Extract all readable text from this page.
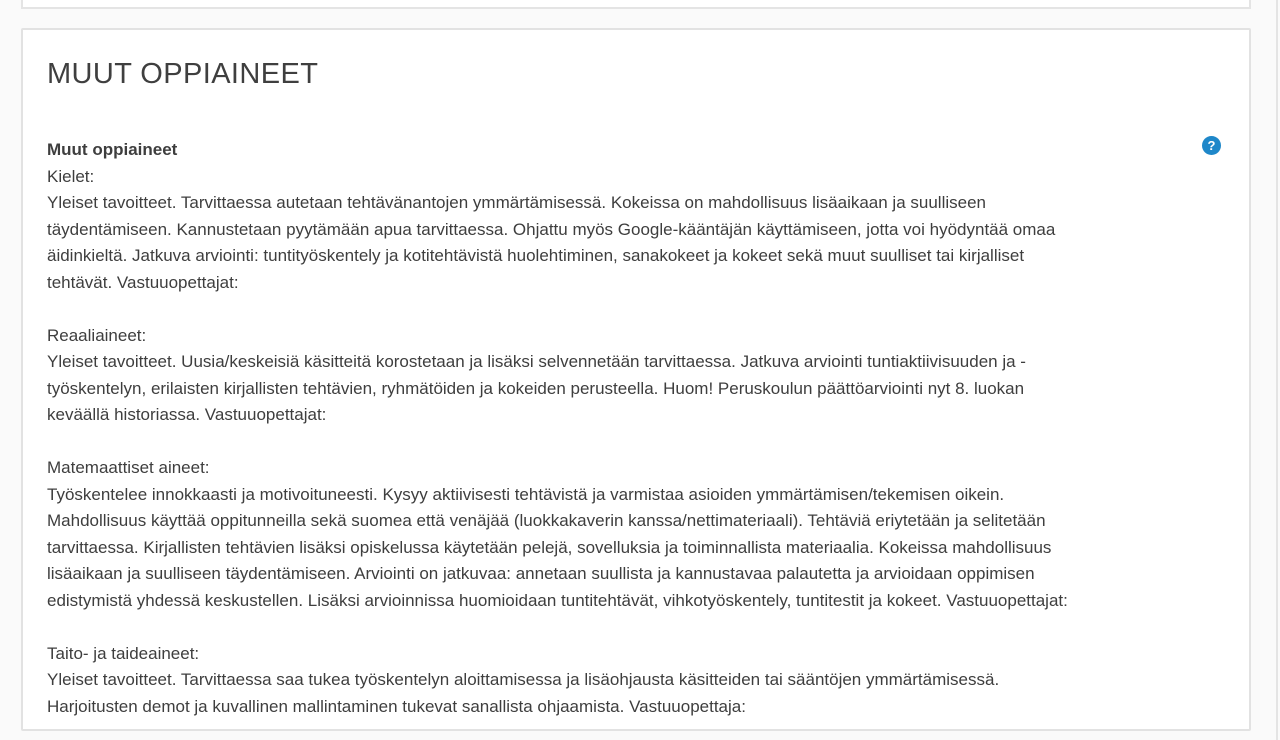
MUUT OPPIAINEET
?
Muut oppiaineet
Kielet:
Yleiset tavoitteet. Tarvittaessa autetaan tehtävänantojen ymmärtämisessä. Kokeissa on mahdollisuus lisäaikaan ja suulliseen
täydentämiseen. Kannustetaan pyytämään apua tarvittaessa. Ohjattu myös Google-kääntäjän käyttämiseen, jotta voi hyödyntää omaa
äidinkieltä. Jatkuva arviointi: tuntityöskentely ja kotitehtävistä huolehtiminen, sanakokeet ja kokeet sekä muut suulliset tai kirjalliset
tehtävät. Vastuuopettajat:

Reaaliaineet:
Yleiset tavoitteet. Uusia/keskeisiä käsitteitä korostetaan ja lisäksi selvennetään tarvittaessa. Jatkuva arviointi tuntiaktiivisuuden ja -
työskentelyn, erilaisten kirjallisten tehtävien, ryhmätöiden ja kokeiden perusteella. Huom! Peruskoulun päättöarviointi nyt 8. luokan
keväällä historiassa. Vastuuopettajat:

Matemaattiset aineet:
Työskentelee innokkaasti ja motivoituneesti. Kysyy aktiivisesti tehtävistä ja varmistaa asioiden ymmärtämisen/tekemisen oikein.
Mahdollisuus käyttää oppitunneilla sekä suomea että venäjää (luokkakaverin kanssa/nettimateriaali). Tehtäviä eriytetään ja selitetään
tarvittaessa. Kirjallisten tehtävien lisäksi opiskelussa käytetään pelejä, sovelluksia ja toiminnallista materiaalia. Kokeissa mahdollisuus
lisäaikaan ja suulliseen täydentämiseen. Arviointi on jatkuvaa: annetaan suullista ja kannustavaa palautetta ja arvioidaan oppimisen
edistymistä yhdessä keskustellen. Lisäksi arvioinnissa huomioidaan tuntitehtävät, vihkotyöskentely, tuntitestit ja kokeet. Vastuuopettajat:

Taito- ja taideaineet:
Yleiset tavoitteet. Tarvittaessa saa tukea työskentelyn aloittamisessa ja lisäohjausta käsitteiden tai sääntöjen ymmärtämisessä.
Harjoitusten demot ja kuvallinen mallintaminen tukevat sanallista ohjaamista. Vastuuopettaja:
